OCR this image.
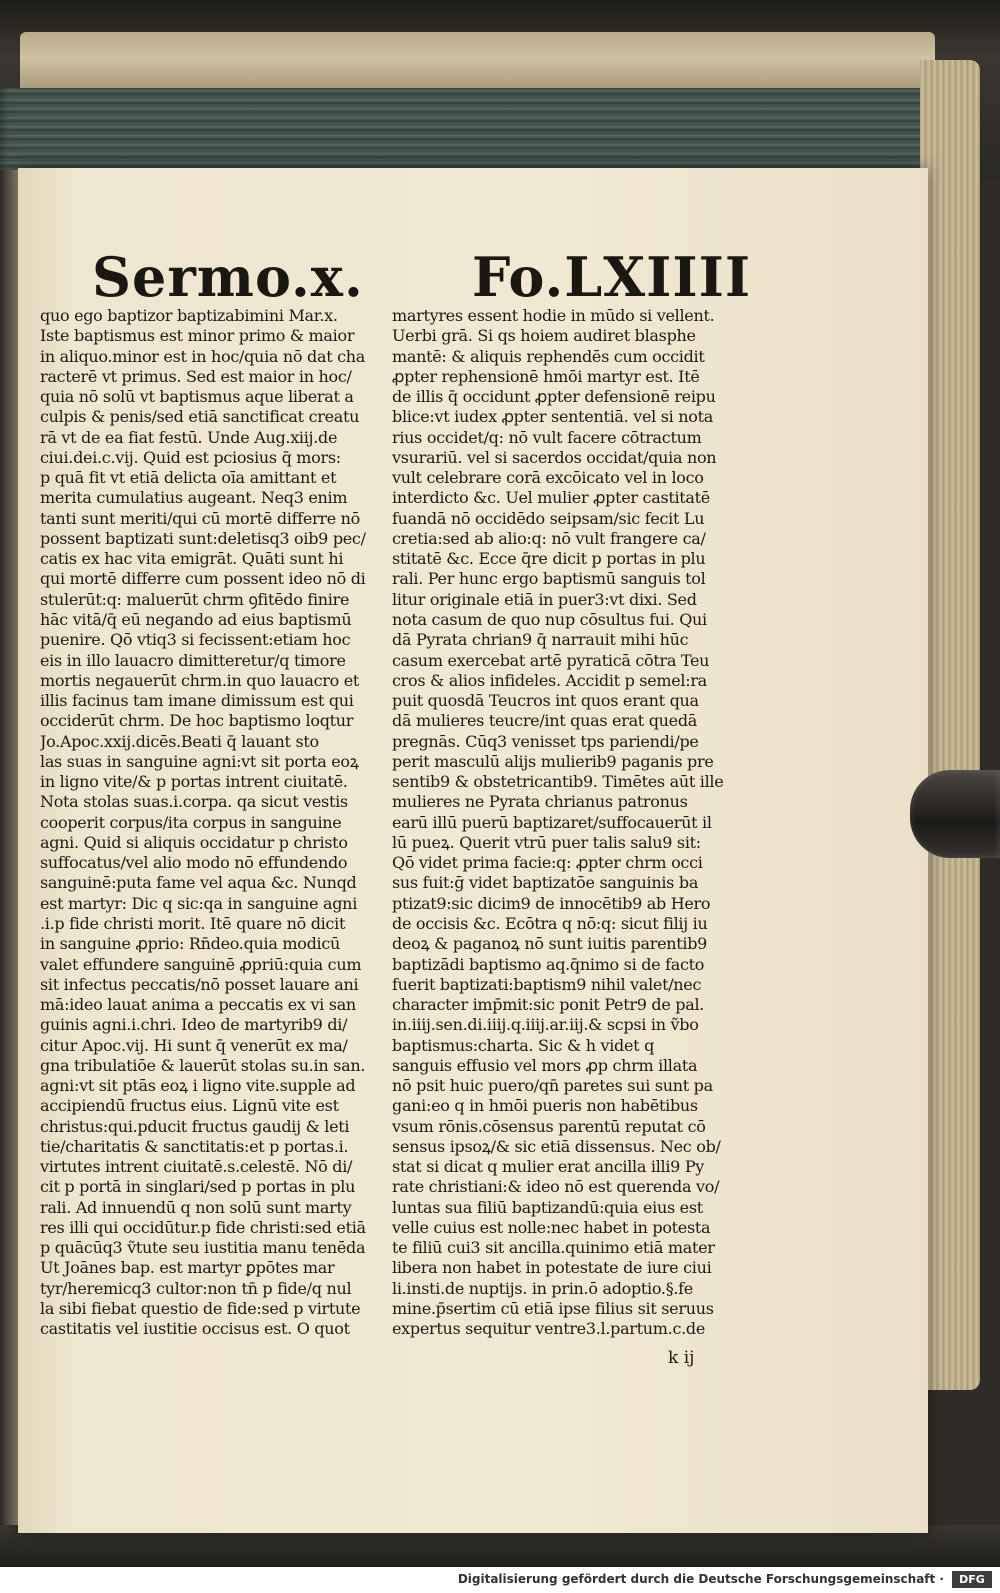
Sermo.x. Fo.LXIIII
quo ego baptizor baptizabimini Mar.x.
Iste baptismus est minor primo & maior
in aliquo.minor est in hoc/quia nō dat cha
racterē vt primus. Sed est maior in hoc/
quia nō solū vt baptismus aque liberat a
culpis & penis/sed etiā sanctificat creatu
rā vt de ea fiat festū. Unde Aug.xiij.de
ciui.dei.c.vij. Quid est pciosius q̄ mors:
p quā fit vt etiā delicta oīa amittant et
merita cumulatius augeant. Neq3 enim
tanti sunt meriti/qui cū mortē differre nō
possent baptizati sunt:deletisq3 oib9 pec/
catis ex hac vita emigrāt. Quāti sunt hi
qui mortē differre cum possent ideo nō di
stulerūt:q: maluerūt chrm ꝯfitēdo finire
hāc vitā/q̄ eū negando ad eius baptismū
puenire. Qō vtiq3 si fecissent:etiam hoc
eis in illo lauacro dimitteretur/q timore
mortis negauerūt chrm.in quo lauacro et
illis facinus tam imane dimissum est qui
occiderūt chrm. De hoc baptismo loqtur
Jo.Apoc.xxij.dicēs.Beati q̄ lauant sto
las suas in sanguine agni:vt sit porta eoꝝ
in ligno vite/& p portas intrent ciuitatē.
Nota stolas suas.i.corpa. qa sicut vestis
cooperit corpus/ita corpus in sanguine
agni. Quid si aliquis occidatur p christo
suffocatus/vel alio modo nō effundendo
sanguinē:puta fame vel aqua &c. Nunqd
est martyr: Dic q sic:qa in sanguine agni
.i.p fide christi morit. Itē quare nō dicit
in sanguine ꝓprio: Rn̄deo.quia modicū
valet effundere sanguinē ꝓpriū:quia cum
sit infectus peccatis/nō posset lauare ani
mā:ideo lauat anima a peccatis ex vi san
guinis agni.i.chri. Ideo de martyrib9 di/
citur Apoc.vij. Hi sunt q̄ venerūt ex ma/
gna tribulatiōe & lauerūt stolas su.in san.
agni:vt sit ptās eoꝝ i ligno vite.supple ad
accipiendū fructus eius. Lignū vite est
christus:qui.pducit fructus gaudij & leti
tie/charitatis & sanctitatis:et p portas.i.
virtutes intrent ciuitatē.s.celestē. Nō di/
cit p portā in singlari/sed p portas in plu
rali. Ad innuendū q non solū sunt marty
res illi qui occidūtur.p fide christi:sed etiā
p quācūq3 ṽtute seu iustitia manu tenēda
Ut Joānes bap. est martyr ꝑpōtes mar
tyr/heremicq3 cultor:non tn̄ p fide/q nul
la sibi fiebat questio de fide:sed p virtute
castitatis vel iustitie occisus est. O quot
martyres essent hodie in mūdo si vellent.
Uerbi grā. Si qs hoiem audiret blasphe
mantē: & aliquis rephendēs cum occidit
ꝓpter rephensionē hmōi martyr est. Itē
de illis q̄ occidunt ꝓpter defensionē reipu
blice:vt iudex ꝓpter sententiā. vel si nota
rius occidet/q: nō vult facere cōtractum
vsurariū. vel si sacerdos occidat/quia non
vult celebrare corā excōicato vel in loco
interdicto &c. Uel mulier ꝓpter castitatē
fuandā nō occidēdo seipsam/sic fecit Lu
cretia:sed ab alio:q: nō vult frangere ca/
stitatē &c. Ecce q̄re dicit p portas in plu
rali. Per hunc ergo baptismū sanguis tol
litur originale etiā in puer3:vt dixi. Sed
nota casum de quo nup cōsultus fui. Qui
dā Pyrata chrian9 q̄ narrauit mihi hūc
casum exercebat artē pyraticā cōtra Teu
cros & alios infideles. Accidit p semel:ra
puit quosdā Teucros int quos erant qua
dā mulieres teucre/int quas erat quedā
pregnās. Cūq3 venisset tps pariendi/pe
perit masculū alijs mulierib9 paganis pre
sentib9 & obstetricantib9. Timētes aūt ille
mulieres ne Pyrata chrianus patronus
earū illū puerū baptizaret/suffocauerūt il
lū pueꝝ. Querit vtrū puer talis salu9 sit:
Qō videt prima facie:q: ꝓpter chrm occi
sus fuit:ḡ videt baptizatōe sanguinis ba
ptizat9:sic dicim9 de innocētib9 ab Hero
de occisis &c. Ecōtra q nō:q: sicut filij iu
deoꝝ & paganoꝝ nō sunt iuitis parentib9
baptizādi baptismo aq.q̄nimo si de facto
fuerit baptizati:baptism9 nihil valet/nec
character imp̄mit:sic ponit Petr9 de pal.
in.iiij.sen.di.iiij.q.iiij.ar.iij.& scpsi in ṽbo
baptismus:charta. Sic & h videt q
sanguis effusio vel mors ꝓp chrm illata
nō psit huic puero/qn̄ paretes sui sunt pa
gani:eo q in hmōi pueris non habētibus
vsum rōnis.cōsensus parentū reputat cō
sensus ipsoꝝ/& sic etiā dissensus. Nec ob/
stat si dicat q mulier erat ancilla illi9 Py
rate christiani:& ideo nō est querenda vo/
luntas sua filiū baptizandū:quia eius est
velle cuius est nolle:nec habet in potesta
te filiū cui3 sit ancilla.quinimo etiā mater
libera non habet in potestate de iure ciui
li.insti.de nuptijs. in prin.ō adoptio.§.fe
mine.p̄sertim cū etiā ipse filius sit seruus
expertus sequitur ventre3.l.partum.c.de

k ij

Digitalisierung gefördert durch die Deutsche Forschungsgemeinschaft ·	DFG
